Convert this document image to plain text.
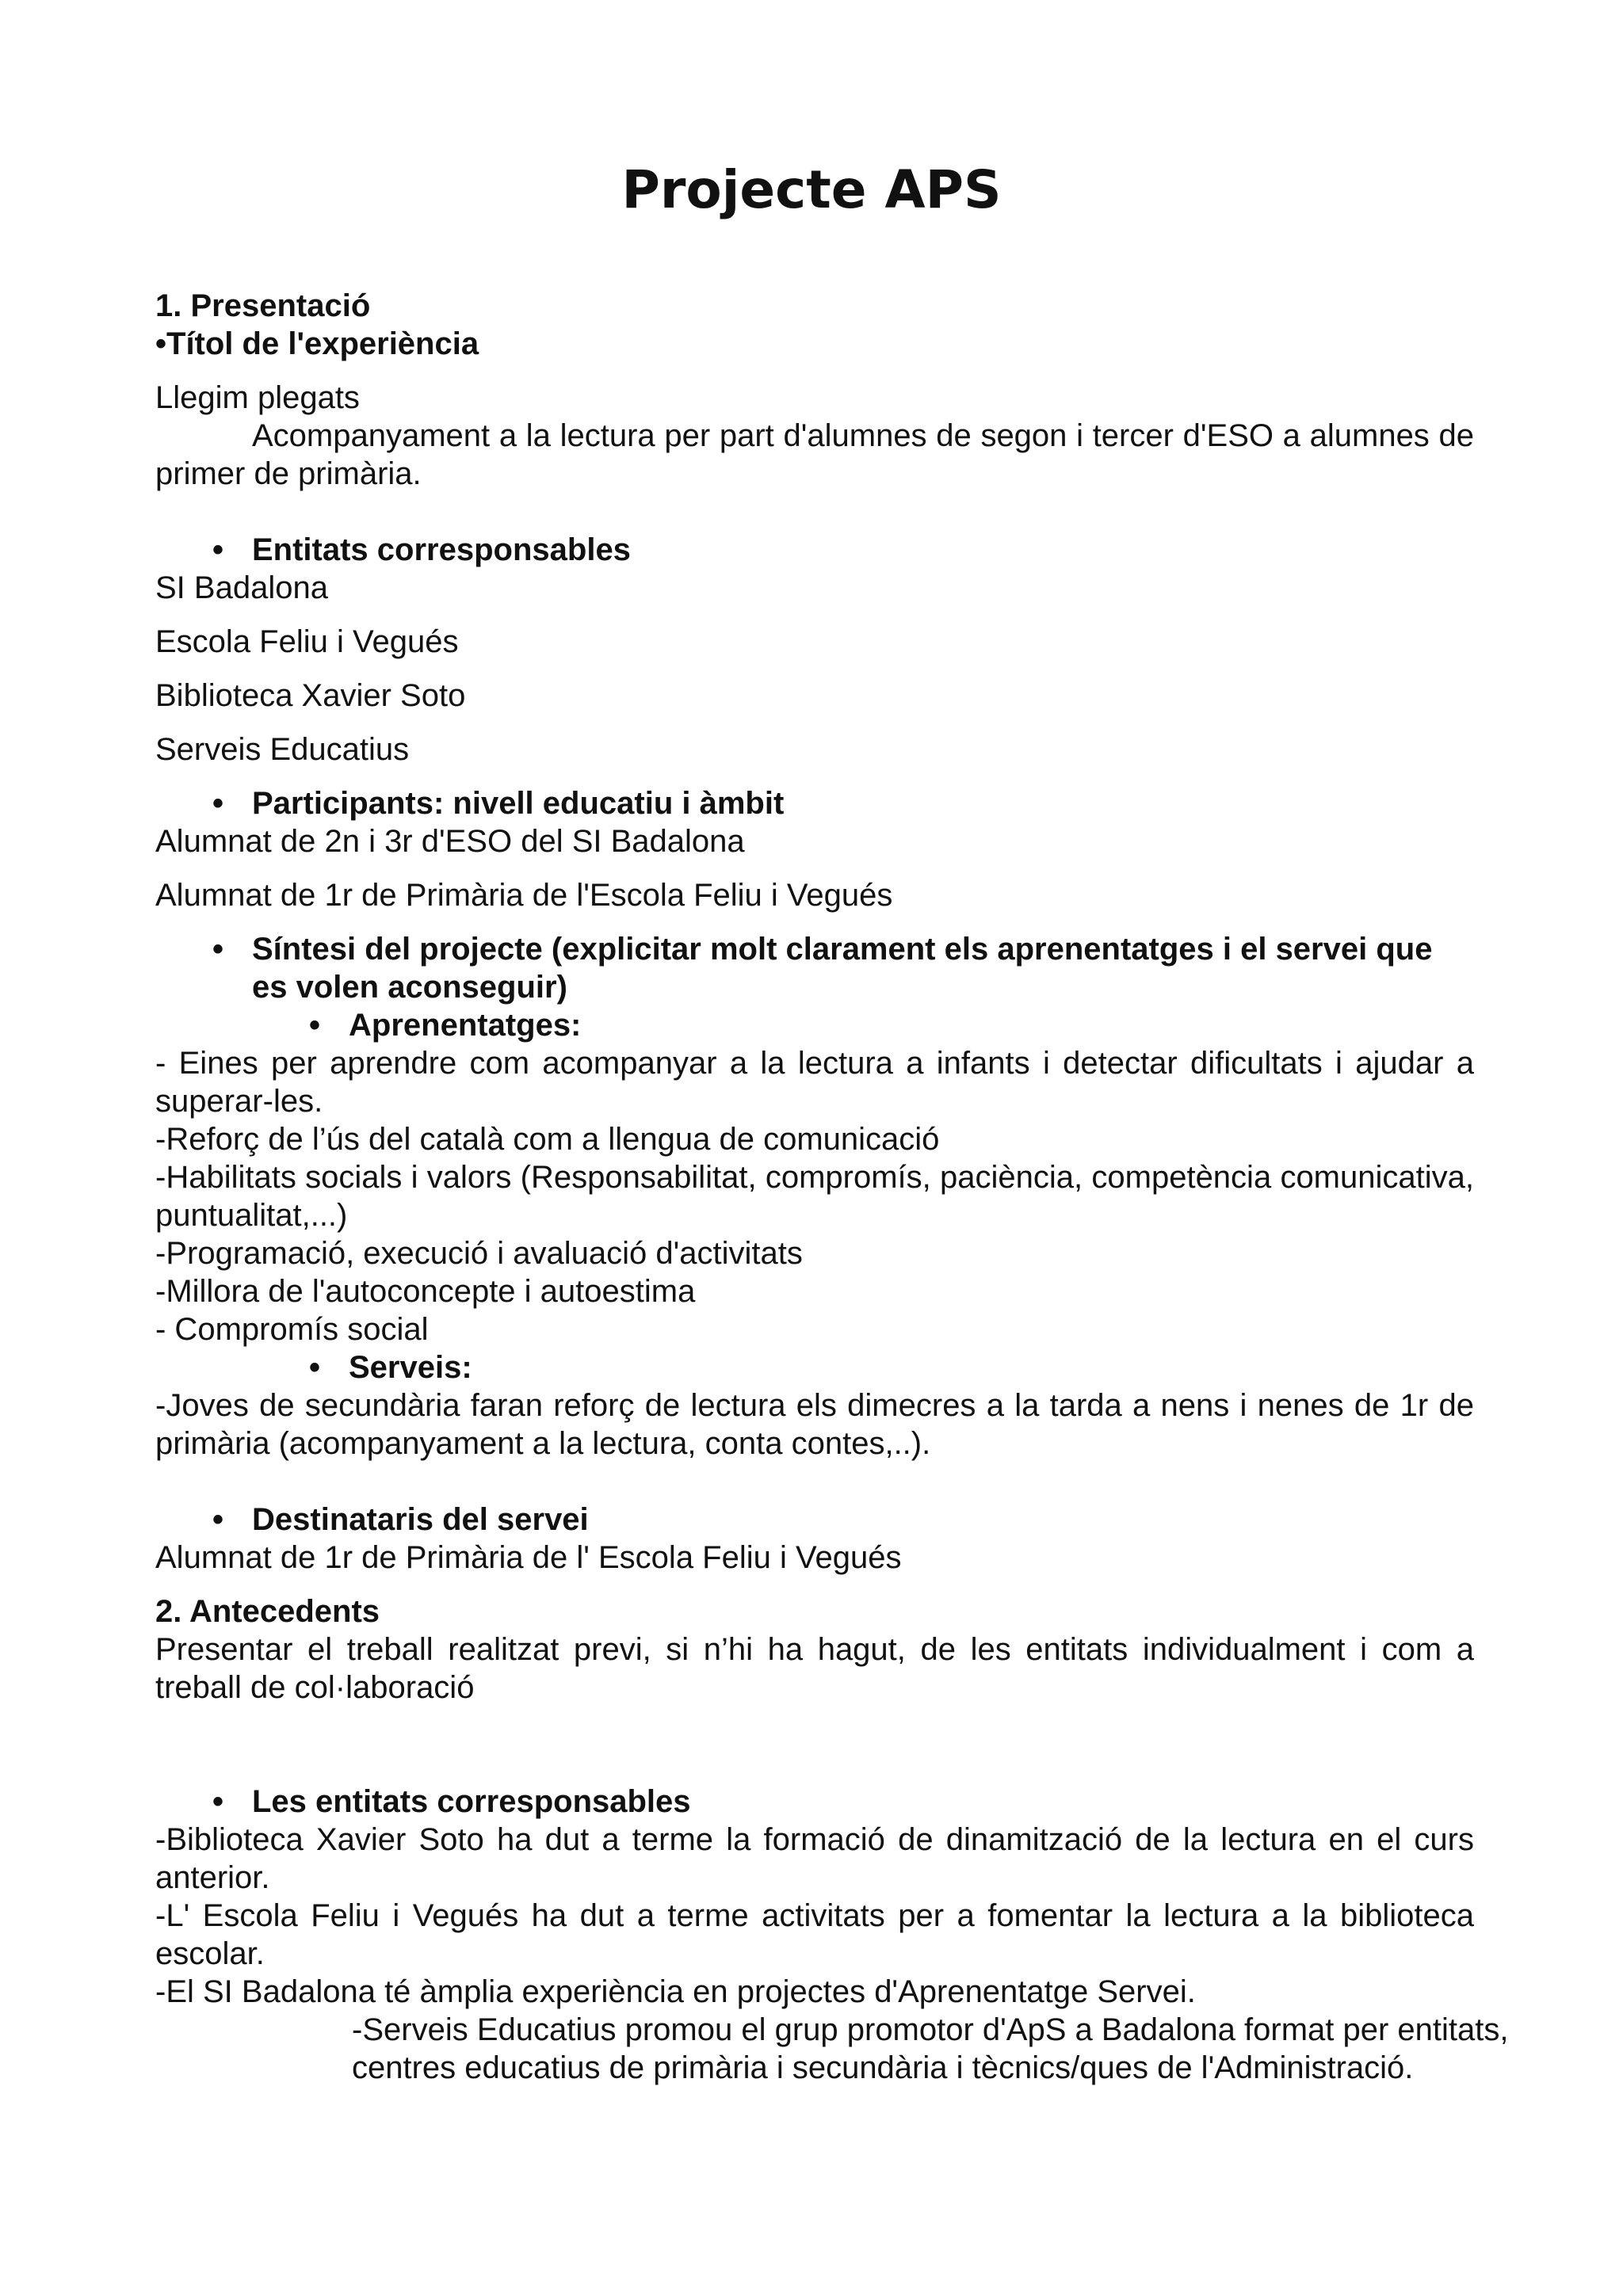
Projecte APS

1. Presentació

•Títol de l'experiència

Llegim plegats

Acompanyament a la lectura per part d'alumnes de segon i tercer d'ESO a alumnes de primer de primària.

• Entitats corresponsables

SI Badalona

Escola Feliu i Vegués

Biblioteca Xavier Soto

Serveis Educatius

• Participants: nivell educatiu i àmbit

Alumnat de 2n i 3r d'ESO del SI Badalona

Alumnat de 1r de Primària de l'Escola Feliu i Vegués

• Síntesi del projecte (explicitar molt clarament els aprenentatges i el servei que es volen aconseguir)

• Aprenentatges:

- Eines per aprendre com acompanyar a la lectura a infants i detectar dificultats i ajudar a superar-les.

-Reforç de l’ús del català com a llengua de comunicació

-Habilitats socials i valors (Responsabilitat, compromís, paciència, competència comunicativa, puntualitat,...)

-Programació, execució i avaluació d'activitats

-Millora de l'autoconcepte i autoestima

- Compromís social

• Serveis:

-Joves de secundària faran reforç de lectura els dimecres a la tarda a nens i nenes de 1r de primària (acompanyament a la lectura, conta contes,..).

• Destinataris del servei

Alumnat de 1r de Primària de l' Escola Feliu i Vegués

2. Antecedents

Presentar el treball realitzat previ, si n’hi ha hagut, de les entitats individualment i com a treball de col·laboració

• Les entitats corresponsables

-Biblioteca Xavier Soto ha dut a terme la formació de dinamització de la lectura en el curs anterior.

-L' Escola Feliu i Vegués ha dut a terme activitats per a fomentar la lectura a la biblioteca escolar.

-El SI Badalona té àmplia experiència en projectes d'Aprenentatge Servei.

-Serveis Educatius promou el grup promotor d'ApS a Badalona format per entitats, centres educatius de primària i secundària i tècnics/ques de l'Administració.
